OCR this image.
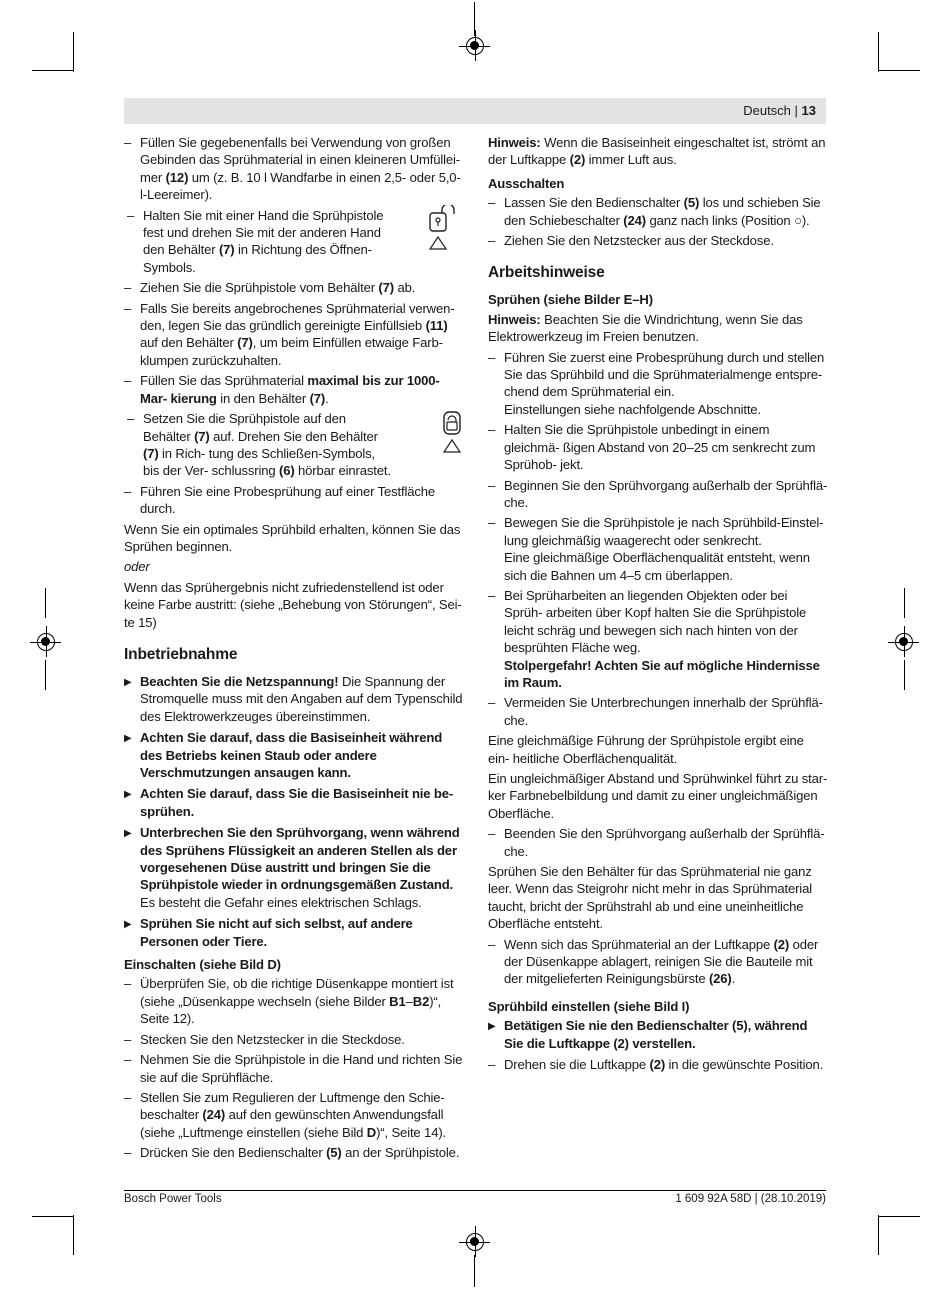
Deutsch | 13
– Füllen Sie gegebenenfalls bei Verwendung von großen Gebinden das Sprühmaterial in einen kleineren Umfüllei- mer (12) um (z. B. 10 l Wandfarbe in einen 2,5- oder 5,0- l-Leereimer).
– Halten Sie mit einer Hand die Sprühpistole fest und drehen Sie mit der anderen Hand den Behälter (7) in Richtung des Öffnen-Symbols.
– Ziehen Sie die Sprühpistole vom Behälter (7) ab.
– Falls Sie bereits angebrochenes Sprühmaterial verwen- den, legen Sie das gründlich gereinigte Einfüllsieb (11) auf den Behälter (7), um beim Einfüllen etwaige Farb- klumpen zurückzuhalten.
– Füllen Sie das Sprühmaterial maximal bis zur 1000-Mar- kierung in den Behälter (7).
– Setzen Sie die Sprühpistole auf den Behälter (7) auf. Drehen Sie den Behälter (7) in Rich- tung des Schließen-Symbols, bis der Ver- schlussring (6) hörbar einrastet.
– Führen Sie eine Probesprühung auf einer Testfläche durch.

Wenn Sie ein optimales Sprühbild erhalten, können Sie das Sprühen beginnen.

oder

Wenn das Sprühergebnis nicht zufriedenstellend ist oder keine Farbe austritt: (siehe „Behebung von Störungen“, Sei- te 15)

Inbetriebnahme
▶ Beachten Sie die Netzspannung! Die Spannung der Stromquelle muss mit den Angaben auf dem Typenschild des Elektrowerkzeuges übereinstimmen.
▶ Achten Sie darauf, dass die Basiseinheit während des Betriebs keinen Staub oder andere Verschmutzungen ansaugen kann.
▶ Achten Sie darauf, dass Sie die Basiseinheit nie be- sprühen.
▶ Unterbrechen Sie den Sprühvorgang, wenn während des Sprühens Flüssigkeit an anderen Stellen als der vorgesehenen Düse austritt und bringen Sie die Sprühpistole wieder in ordnungsgemäßen Zustand. Es besteht die Gefahr eines elektrischen Schlags.
▶ Sprühen Sie nicht auf sich selbst, auf andere Personen oder Tiere.
Einschalten (siehe Bild D)
– Überprüfen Sie, ob die richtige Düsenkappe montiert ist (siehe „Düsenkappe wechseln (siehe Bilder B1–B2)“, Seite 12).
– Stecken Sie den Netzstecker in die Steckdose.
– Nehmen Sie die Sprühpistole in die Hand und richten Sie sie auf die Sprühfläche.
– Stellen Sie zum Regulieren der Luftmenge den Schie- beschalter (24) auf den gewünschten Anwendungsfall (siehe „Luftmenge einstellen (siehe Bild D)“, Seite 14).
– Drücken Sie den Bedienschalter (5) an der Sprühpistole.

Hinweis: Wenn die Basiseinheit eingeschaltet ist, strömt an der Luftkappe (2) immer Luft aus.

Ausschalten
– Lassen Sie den Bedienschalter (5) los und schieben Sie den Schiebeschalter (24) ganz nach links (Position ○).
– Ziehen Sie den Netzstecker aus der Steckdose.
Arbeitshinweise
Sprühen (siehe Bilder E–H)

Hinweis: Beachten Sie die Windrichtung, wenn Sie das Elektrowerkzeug im Freien benutzen.

– Führen Sie zuerst eine Probesprühung durch und stellen Sie das Sprühbild und die Sprühmaterialmenge entspre- chend dem Sprühmaterial ein.
Einstellungen siehe nachfolgende Abschnitte.
– Halten Sie die Sprühpistole unbedingt in einem gleichmä- ßigen Abstand von 20–25 cm senkrecht zum Sprühob- jekt.
– Beginnen Sie den Sprühvorgang außerhalb der Sprühflä- che.
– Bewegen Sie die Sprühpistole je nach Sprühbild-Einstel- lung gleichmäßig waagerecht oder senkrecht.
Eine gleichmäßige Oberflächenqualität entsteht, wenn sich die Bahnen um 4–5 cm überlappen.
– Bei Sprüharbeiten an liegenden Objekten oder bei Sprüh- arbeiten über Kopf halten Sie die Sprühpistole leicht schräg und bewegen sich nach hinten von der besprühten Fläche weg.
Stolpergefahr! Achten Sie auf mögliche Hindernisse im Raum.
– Vermeiden Sie Unterbrechungen innerhalb der Sprühflä- che.

Eine gleichmäßige Führung der Sprühpistole ergibt eine ein- heitliche Oberflächenqualität.

Ein ungleichmäßiger Abstand und Sprühwinkel führt zu star- ker Farbnebelbildung und damit zu einer ungleichmäßigen Oberfläche.

– Beenden Sie den Sprühvorgang außerhalb der Sprühflä- che.

Sprühen Sie den Behälter für das Sprühmaterial nie ganz leer. Wenn das Steigrohr nicht mehr in das Sprühmaterial taucht, bricht der Sprühstrahl ab und eine uneinheitliche Oberfläche entsteht.

– Wenn sich das Sprühmaterial an der Luftkappe (2) oder der Düsenkappe ablagert, reinigen Sie die Bauteile mit der mitgelieferten Reinigungsbürste (26).
Sprühbild einstellen (siehe Bild I)
▶ Betätigen Sie nie den Bedienschalter (5), während Sie die Luftkappe (2) verstellen.
– Drehen sie die Luftkappe (2) in die gewünschte Position.
Bosch Power Tools	1 609 92A 58D | (28.10.2019)
